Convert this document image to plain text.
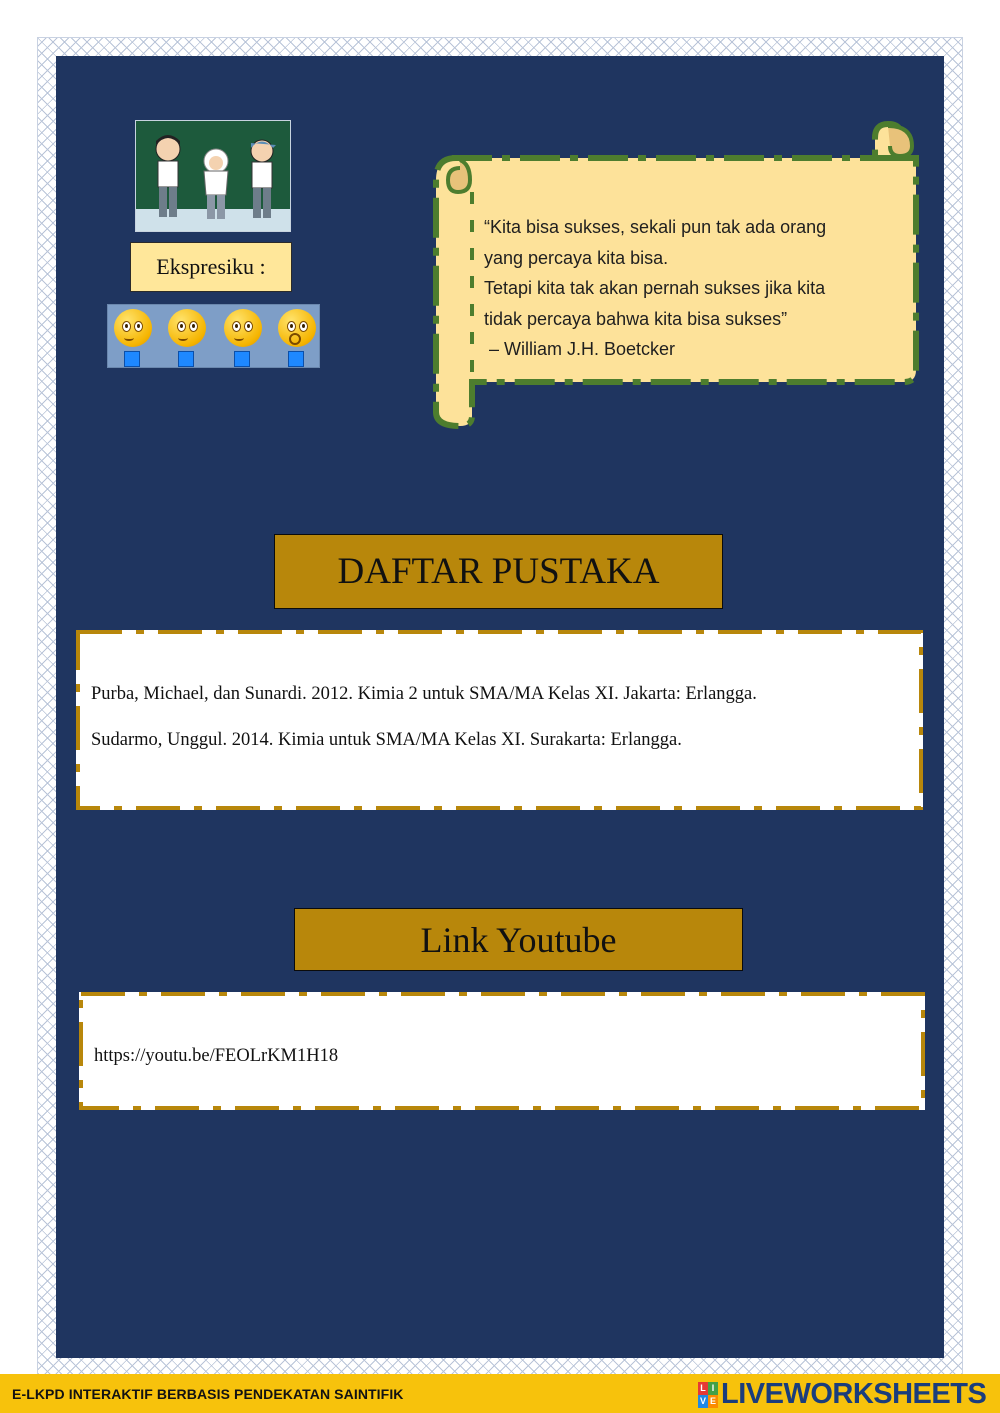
Ekspresiku :
“Kita bisa sukses, sekali pun tak ada orang
yang percaya kita bisa.
Tetapi kita tak akan pernah sukses jika kita
tidak percaya bahwa kita bisa sukses”
– William J.H. Boetcker
DAFTAR PUSTAKA
Purba, Michael, dan Sunardi. 2012. Kimia 2 untuk SMA/MA Kelas XI. Jakarta: Erlangga.
Sudarmo, Unggul. 2014. Kimia untuk SMA/MA Kelas XI. Surakarta: Erlangga.
Link Youtube
https://youtu.be/FEOLrKM1H18
E-LKPD INTERAKTIF BERBASIS PENDEKATAN SAINTIFIK	L I
V E LIVEWORKSHEETS
